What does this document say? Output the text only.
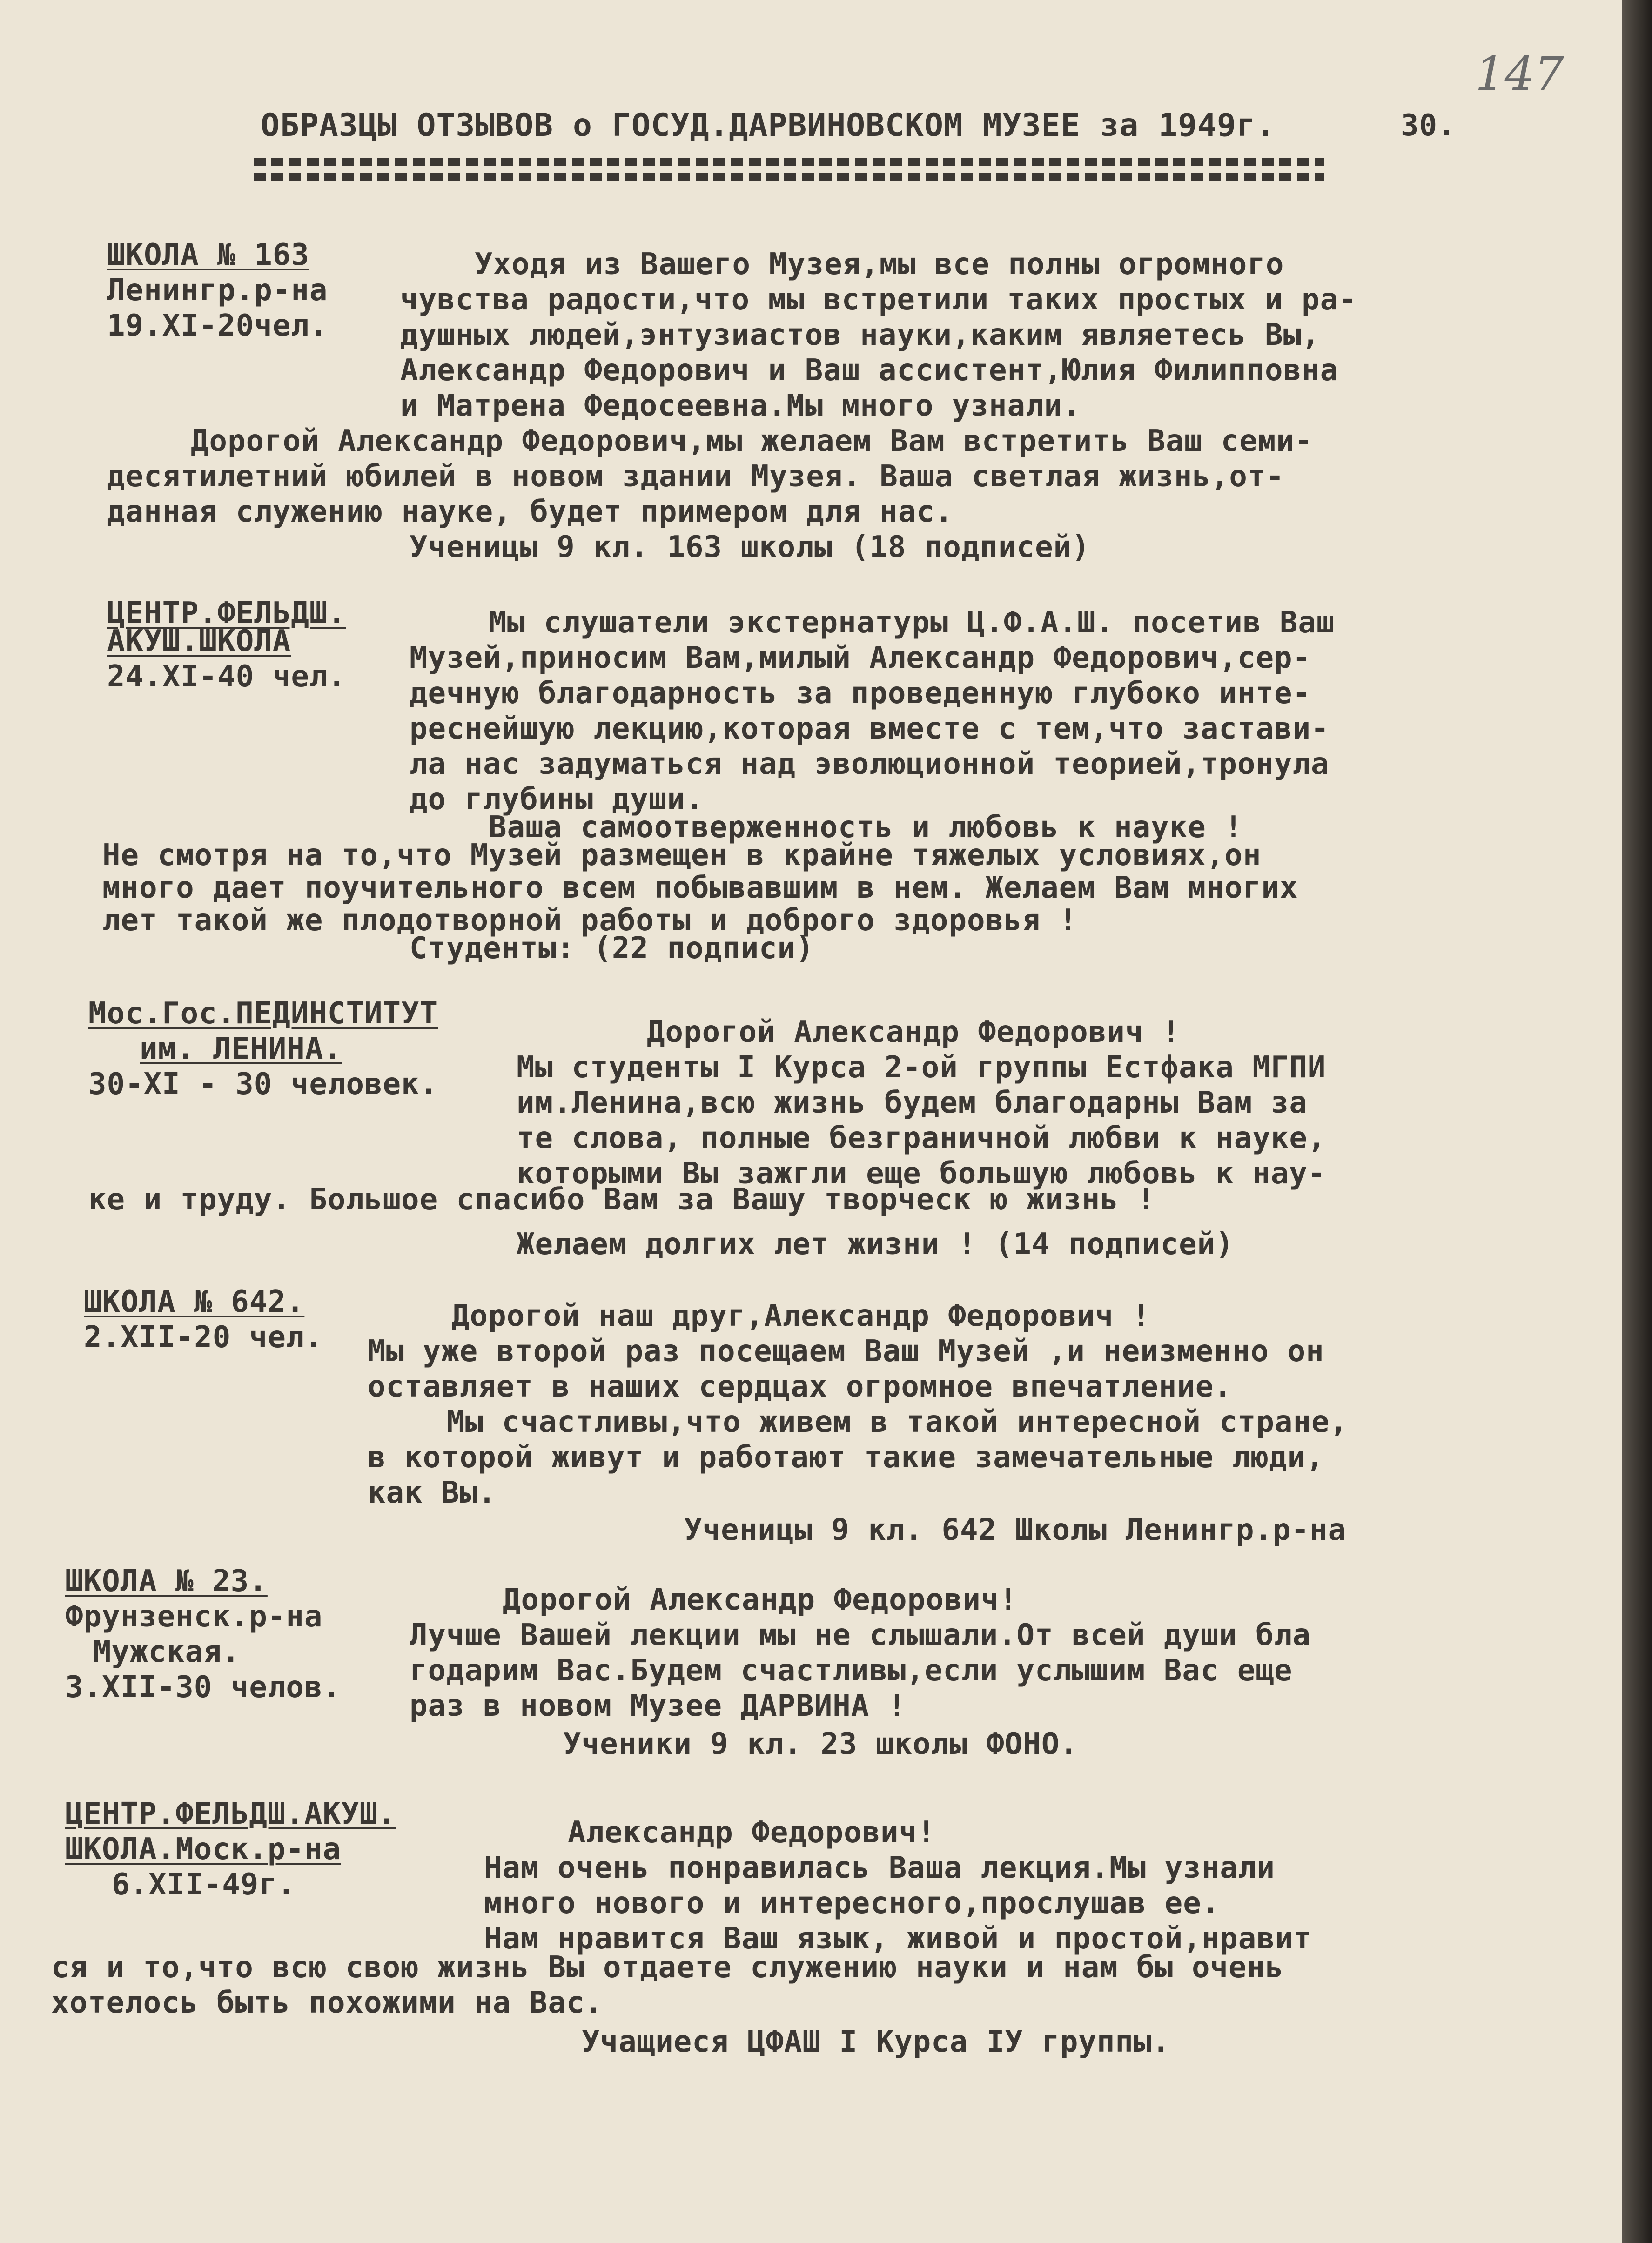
147
30.
ОБРАЗЦЫ ОТЗЫВОВ о ГОСУД.ДАРВИНОВСКОМ МУЗЕЕ за 1949г.
ШКОЛА № 163
Ленингр.р-на
19.XI-20чел.
Уходя из Вашего Музея,мы все полны огромного
чувства радости,что мы встретили таких простых и ра-
душных людей,энтузиастов науки,каким являетесь Вы,
Александр Федорович и Ваш ассистент,Юлия Филипповна
и Матрена Федосеевна.Мы много узнали.
Дорогой Александр Федорович,мы желаем Вам встретить Ваш семи-
десятилетний юбилей в новом здании Музея. Ваша светлая жизнь,от-
данная служению науке, будет примером для нас.
Ученицы 9 кл. 163 школы (18 подписей)
ЦЕНТР.ФЕЛЬДШ.
АКУШ.ШКОЛА
24.XI-40 чел.
Мы слушатели экстернатуры Ц.Ф.А.Ш. посетив Ваш
Музей,приносим Вам,милый Александр Федорович,сер-
дечную благодарность за проведенную глубоко инте-
реснейшую лекцию,которая вместе с тем,что застави-
ла нас задуматься над эволюционной теорией,тронула
до глубины души.
Ваша самоотверженность и любовь к науке !
Не смотря на то,что Музей размещен в крайне тяжелых условиях,он
много дает поучительного всем побывавшим в нем. Желаем Вам многих
лет такой же плодотворной работы и доброго здоровья !
Студенты: (22 подписи)
Мос.Гос.ПЕДИНСТИТУТ
им. ЛЕНИНА.
30-XI - 30 человек.
Дорогой Александр Федорович !
Мы студенты I Курса 2-ой группы Естфака МГПИ
им.Ленина,всю жизнь будем благодарны Вам за
те слова, полные безграничной любви к науке,
которыми Вы зажгли еще большую любовь к нау-
ке и труду. Большое спасибо Вам за Вашу творческ ю жизнь !
Желаем долгих лет жизни ! (14 подписей)
ШКОЛА № 642.
2.XII-20 чел.
Дорогой наш друг,Александр Федорович !
Мы уже второй раз посещаем Ваш Музей ,и неизменно он
оставляет в наших сердцах огромное впечатление.
Мы счастливы,что живем в такой интересной стране,
в которой живут и работают такие замечательные люди,
как Вы.
Ученицы 9 кл. 642 Школы Ленингр.р-на
ШКОЛА № 23.
Фрунзенск.р-на
Мужская.
3.XII-30 челов.
Дорогой Александр Федорович!
Лучше Вашей лекции мы не слышали.От всей души бла
годарим Вас.Будем счастливы,если услышим Вас еще
раз в новом Музее ДАРВИНА !
Ученики 9 кл. 23 школы ФОНО.
ЦЕНТР.ФЕЛЬДШ.АКУШ.
ШКОЛА.Моск.р-на
6.XII-49г.
Александр Федорович!
Нам очень понравилась Ваша лекция.Мы узнали
много нового и интересного,прослушав ее.
Нам нравится Ваш язык, живой и простой,нравит
ся и то,что всю свою жизнь Вы отдаете служению науки и нам бы очень
хотелось быть похожими на Вас.
Учащиеся ЦФАШ I Курса IУ группы.
